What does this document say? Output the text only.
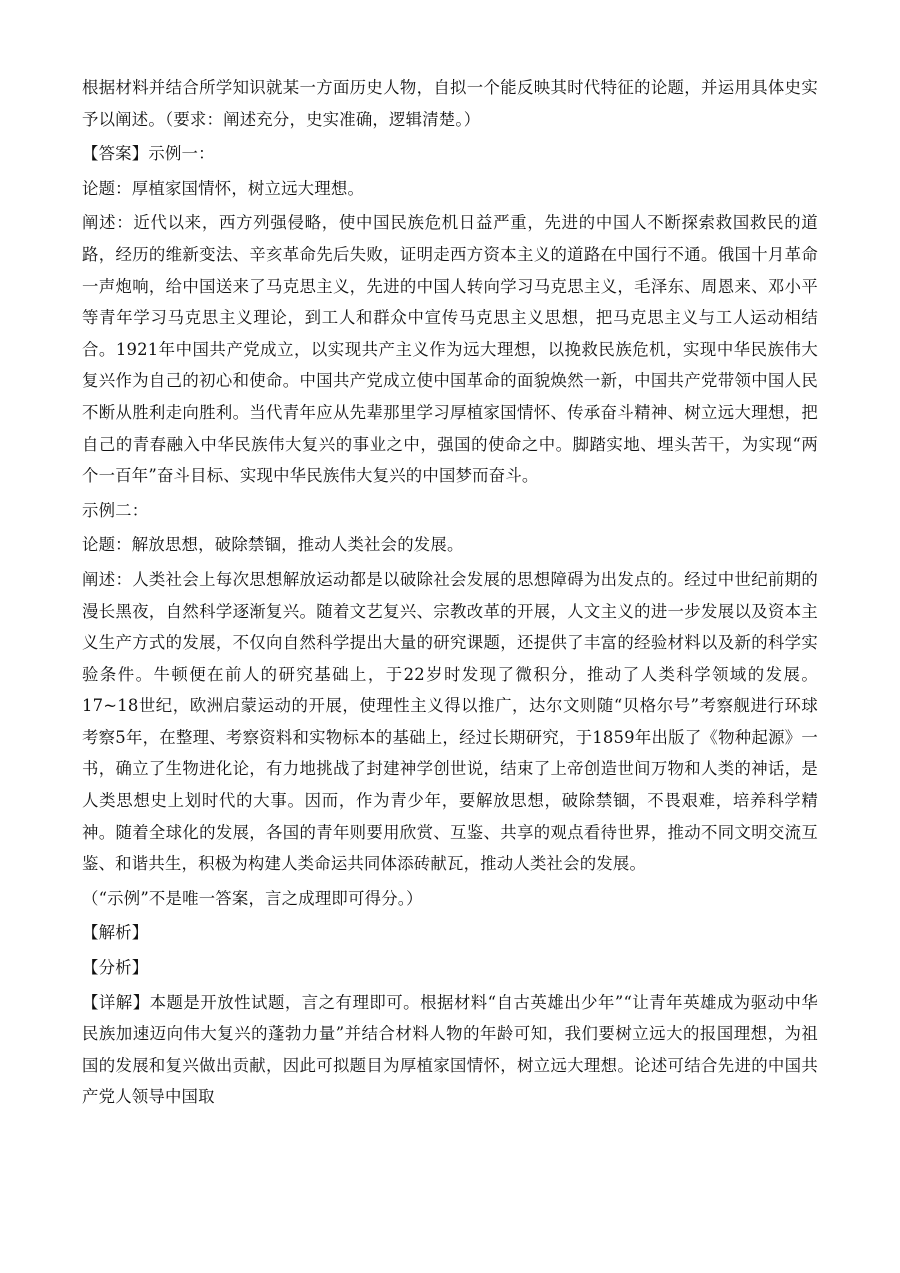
根据材料并结合所学知识就某一方面历史人物，自拟一个能反映其时代特征的论题，并运用具体史实予以阐述。（要求：阐述充分，史实准确，逻辑清楚。）

【答案】示例一：

论题：厚植家国情怀，树立远大理想。

阐述：近代以来，西方列强侵略，使中国民族危机日益严重，先进的中国人不断探索救国救民的道路，经历的维新变法、辛亥革命先后失败，证明走西方资本主义的道路在中国行不通。俄国十月革命一声炮响，给中国送来了马克思主义，先进的中国人转向学习马克思主义，毛泽东、周恩来、邓小平等青年学习马克思主义理论，到工人和群众中宣传马克思主义思想，把马克思主义与工人运动相结合。1921年中国共产党成立，以实现共产主义作为远大理想，以挽救民族危机，实现中华民族伟大复兴作为自己的初心和使命。中国共产党成立使中国革命的面貌焕然一新，中国共产党带领中国人民不断从胜利走向胜利。当代青年应从先辈那里学习厚植家国情怀、传承奋斗精神、树立远大理想，把自己的青春融入中华民族伟大复兴的事业之中，强国的使命之中。脚踏实地、埋头苦干，为实现“两个一百年”奋斗目标、实现中华民族伟大复兴的中国梦而奋斗。

示例二：

论题：解放思想，破除禁锢，推动人类社会的发展。

阐述：人类社会上每次思想解放运动都是以破除社会发展的思想障碍为出发点的。经过中世纪前期的漫长黑夜，自然科学逐渐复兴。随着文艺复兴、宗教改革的开展，人文主义的进一步发展以及资本主义生产方式的发展，不仅向自然科学提出大量的研究课题，还提供了丰富的经验材料以及新的科学实验条件。牛顿便在前人的研究基础上，于22岁时发现了微积分，推动了人类科学领域的发展。17~18世纪，欧洲启蒙运动的开展，使理性主义得以推广，达尔文则随“贝格尔号”考察舰进行环球考察5年，在整理、考察资料和实物标本的基础上，经过长期研究，于1859年出版了《物种起源》一书，确立了生物进化论，有力地挑战了封建神学创世说，结束了上帝创造世间万物和人类的神话，是人类思想史上划时代的大事。因而，作为青少年，要解放思想，破除禁锢，不畏艰难，培养科学精神。随着全球化的发展，各国的青年则要用欣赏、互鉴、共享的观点看待世界，推动不同文明交流互鉴、和谐共生，积极为构建人类命运共同体添砖献瓦，推动人类社会的发展。

（“示例”不是唯一答案，言之成理即可得分。）

【解析】

【分析】

【详解】本题是开放性试题，言之有理即可。根据材料“自古英雄出少年”“让青年英雄成为驱动中华民族加速迈向伟大复兴的蓬勃力量”并结合材料人物的年龄可知，我们要树立远大的报国理想，为祖国的发展和复兴做出贡献，因此可拟题目为厚植家国情怀，树立远大理想。论述可结合先进的中国共产党人领导中国取
